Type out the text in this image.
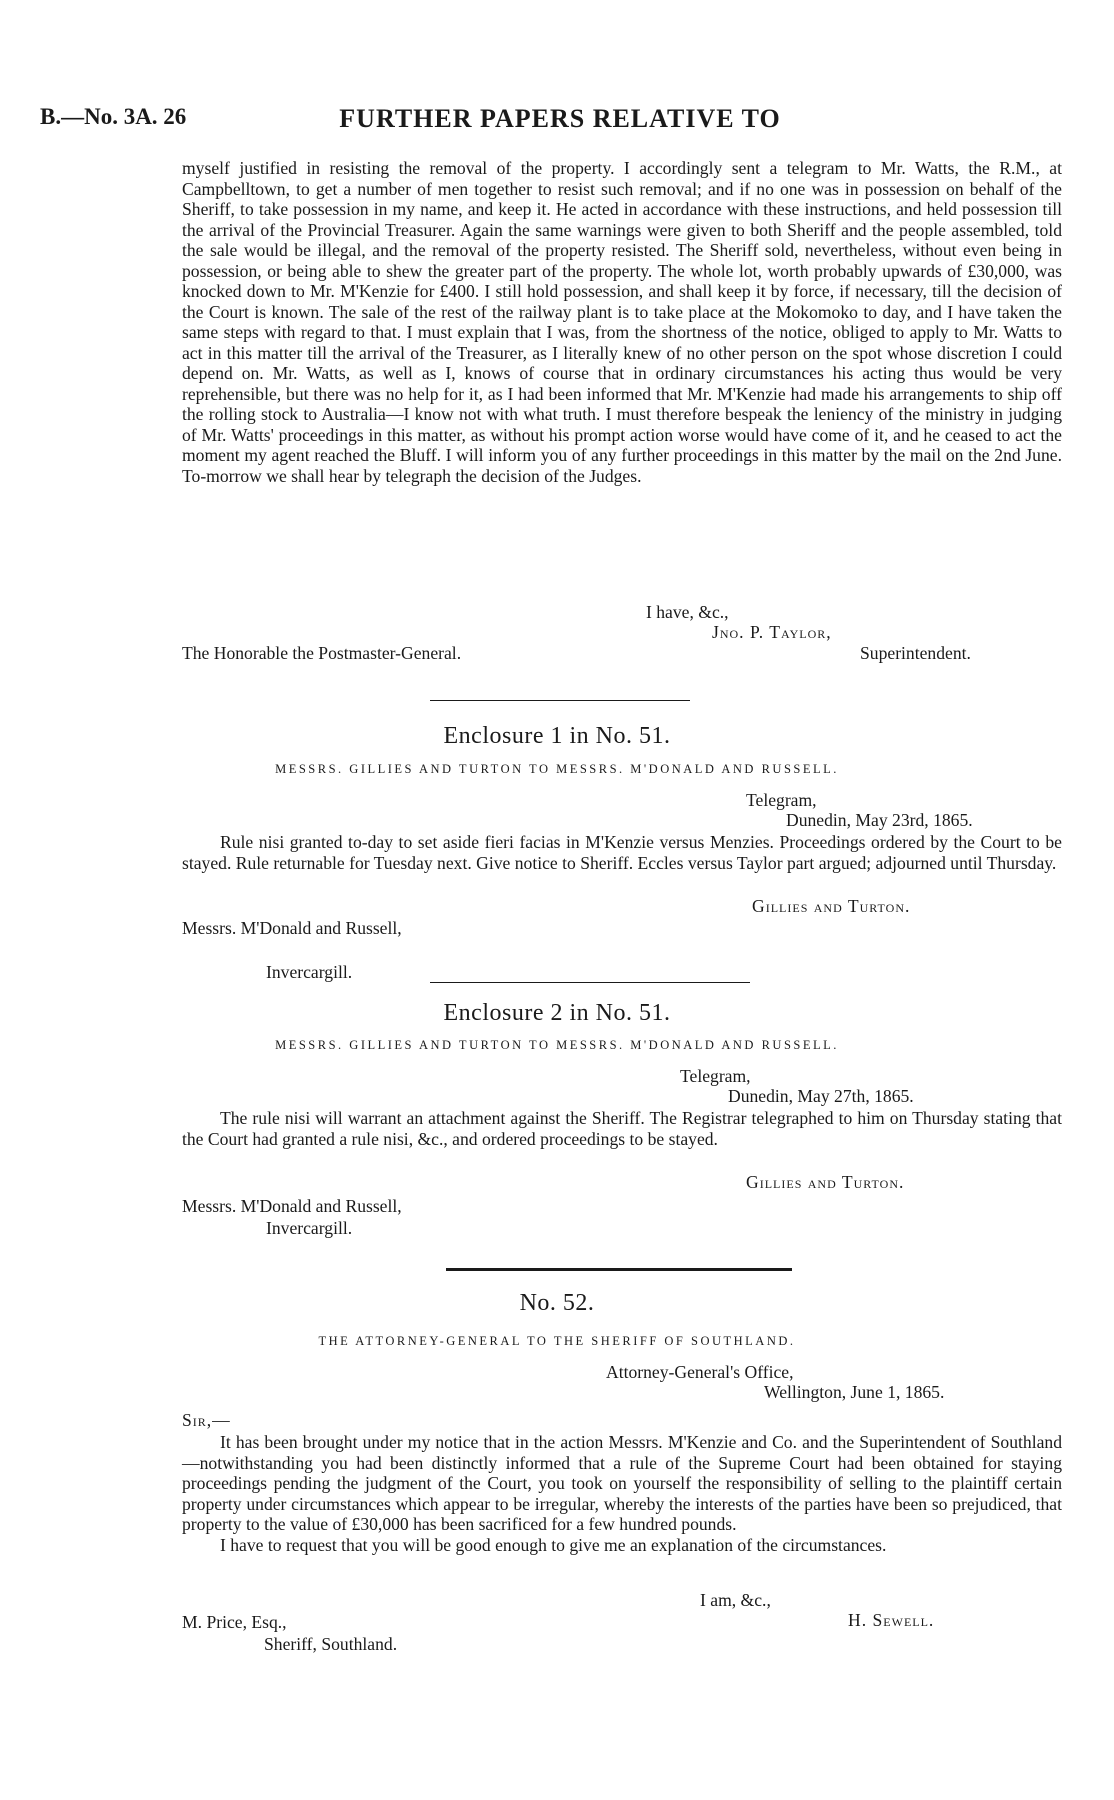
B.—No. 3A. 26	FURTHER PAPERS RELATIVE TO

myself justified in resisting the removal of the property. I accordingly sent a telegram to Mr. Watts, the R.M., at Campbelltown, to get a number of men together to resist such removal; and if no one was in possession on behalf of the Sheriff, to take possession in my name, and keep it. He acted in accordance with these instructions, and held possession till the arrival of the Provincial Treasurer. Again the same warnings were given to both Sheriff and the people assembled, told the sale would be illegal, and the removal of the property resisted. The Sheriff sold, nevertheless, without even being in possession, or being able to shew the greater part of the property. The whole lot, worth probably upwards of £30,000, was knocked down to Mr. M'Kenzie for £400. I still hold possession, and shall keep it by force, if necessary, till the decision of the Court is known. The sale of the rest of the railway plant is to take place at the Mokomoko to day, and I have taken the same steps with regard to that. I must explain that I was, from the shortness of the notice, obliged to apply to Mr. Watts to act in this matter till the arrival of the Treasurer, as I literally knew of no other person on the spot whose discretion I could depend on. Mr. Watts, as well as I, knows of course that in ordinary circumstances his acting thus would be very reprehensible, but there was no help for it, as I had been informed that Mr. M'Kenzie had made his arrangements to ship off the rolling stock to Australia—I know not with what truth. I must therefore bespeak the leniency of the ministry in judging of Mr. Watts' proceedings in this matter, as without his prompt action worse would have come of it, and he ceased to act the moment my agent reached the Bluff. I will inform you of any further proceedings in this matter by the mail on the 2nd June. To-morrow we shall hear by telegraph the decision of the Judges.

I have, &c.,
Jno. P. Taylor,
The Honorable the Postmaster-General.	Superintendent.
Enclosure 1 in No. 51.
MESSRS. GILLIES AND TURTON TO MESSRS. M'DONALD AND RUSSELL.
Telegram,
Dunedin, May 23rd, 1865.

Rule nisi granted to-day to set aside fieri facias in M'Kenzie versus Menzies. Proceedings ordered by the Court to be stayed. Rule returnable for Tuesday next. Give notice to Sheriff. Eccles versus Taylor part argued; adjourned until Thursday.

Gillies and Turton.
Messrs. M'Donald and Russell,
Invercargill.
Enclosure 2 in No. 51.
MESSRS. GILLIES AND TURTON TO MESSRS. M'DONALD AND RUSSELL.
Telegram,
Dunedin, May 27th, 1865.

The rule nisi will warrant an attachment against the Sheriff. The Registrar telegraphed to him on Thursday stating that the Court had granted a rule nisi, &c., and ordered proceedings to be stayed.

Gillies and Turton.
Messrs. M'Donald and Russell,
Invercargill.
No. 52.
THE ATTORNEY-GENERAL TO THE SHERIFF OF SOUTHLAND.
Attorney-General's Office,
Wellington, June 1, 1865.
Sir,—

It has been brought under my notice that in the action Messrs. M'Kenzie and Co. and the Superintendent of Southland—notwithstanding you had been distinctly informed that a rule of the Supreme Court had been obtained for staying proceedings pending the judgment of the Court, you took on yourself the responsibility of selling to the plaintiff certain property under circumstances which appear to be irregular, whereby the interests of the parties have been so prejudiced, that property to the value of £30,000 has been sacrificed for a few hundred pounds.

I have to request that you will be good enough to give me an explanation of the circumstances.

I am, &c.,
H. Sewell.
M. Price, Esq.,
Sheriff, Southland.
